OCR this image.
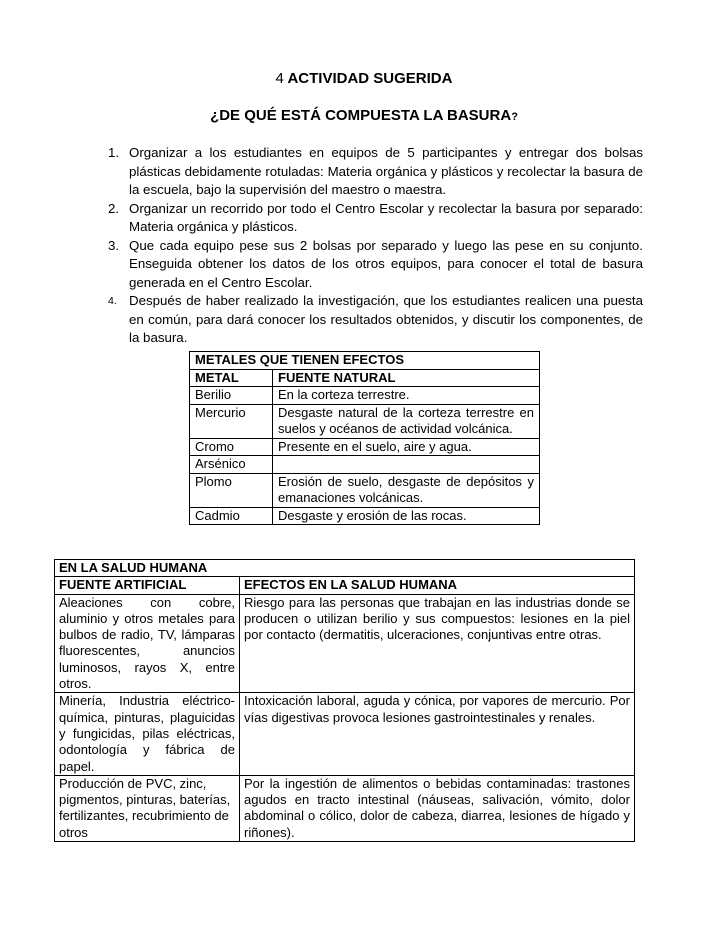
4 ACTIVIDAD SUGERIDA
¿DE QUÉ ESTÁ COMPUESTA LA BASURA?
1. Organizar a los estudiantes en equipos de 5 participantes y entregar dos bolsas plásticas debidamente rotuladas: Materia orgánica y plásticos y recolectar la basura de la escuela, bajo la supervisión del maestro o maestra.
2. Organizar un recorrido por todo el Centro Escolar y recolectar la basura por separado: Materia orgánica y plásticos.
3. Que cada equipo pese sus 2 bolsas por separado y luego las pese en su conjunto. Enseguida obtener los datos de los otros equipos, para conocer el total de basura generada en el Centro Escolar.
4. Después de haber realizado la investigación, que los estudiantes realicen una puesta en común, para dará conocer los resultados obtenidos, y discutir los componentes, de la basura.
METALES QUE TIENEN EFECTOS	
METAL	FUENTE NATURAL
Berilio	En la corteza terrestre.
Mercurio	Desgaste natural de la corteza terrestre en suelos y océanos de actividad volcánica.
Cromo	Presente en el suelo, aire y agua.
Arsénico	
Plomo	Erosión de suelo, desgaste de depósitos y emanaciones volcánicas.
Cadmio	Desgaste y erosión de las rocas.
EN LA SALUD HUMANA	
FUENTE ARTIFICIAL	EFECTOS EN LA SALUD HUMANA
Aleaciones con cobre, aluminio y otros metales para bulbos de radio, TV, lámparas fluorescentes, anuncios luminosos, rayos X, entre otros.	Riesgo para las personas que trabajan en las industrias donde se producen o utilizan berilio y sus compuestos: lesiones en la piel por contacto (dermatitis, ulceraciones, conjuntivas entre otras.
Minería, Industria eléctrico-química, pinturas, plaguicidas y fungicidas, pilas eléctricas, odontología y fábrica de papel.	Intoxicación laboral, aguda y cónica, por vapores de mercurio. Por vías digestivas provoca lesiones gastrointestinales y renales.
Producción de PVC, zinc, pigmentos, pinturas, baterías, fertilizantes, recubrimiento de otros	Por la ingestión de alimentos o bebidas contaminadas: trastones agudos en tracto intestinal (náuseas, salivación, vómito, dolor abdominal o cólico, dolor de cabeza, diarrea, lesiones de hígado y riñones).
